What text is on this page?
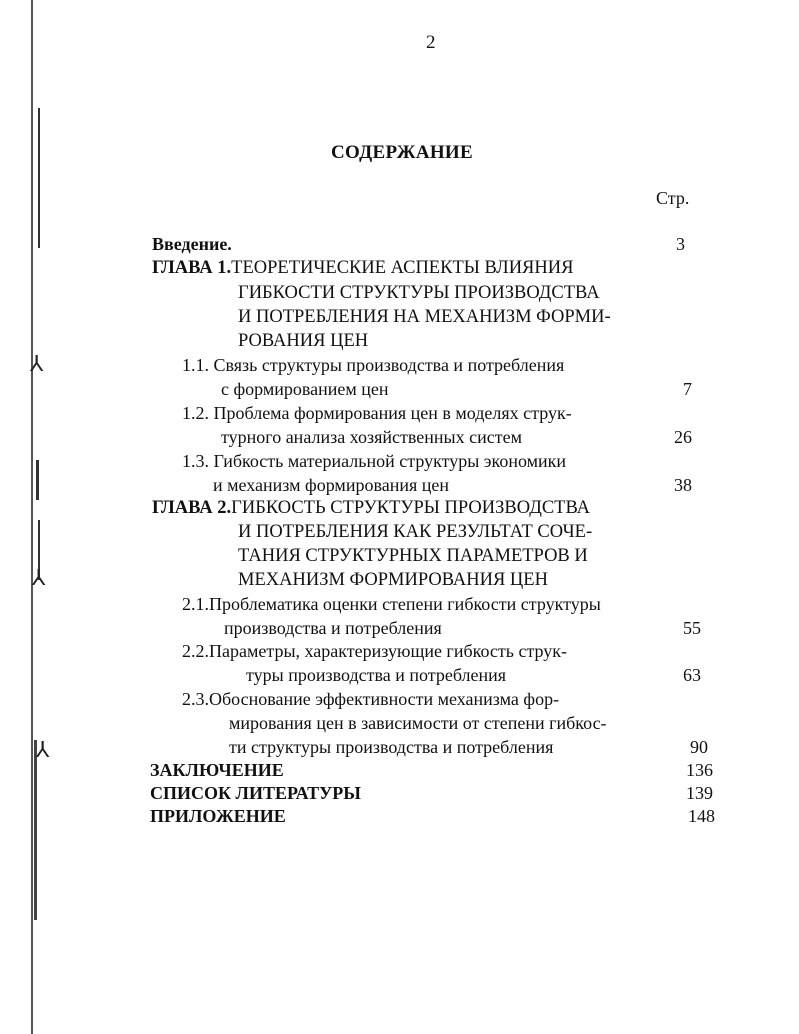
⅄
⅄
⅄
2
СОДЕРЖАНИЕ
Стр.
Введение.	3
ГЛАВА 1.ТЕОРЕТИЧЕСКИЕ АСПЕКТЫ ВЛИЯНИЯ
ГИБКОСТИ СТРУКТУРЫ ПРОИЗВОДСТВА
И ПОТРЕБЛЕНИЯ НА МЕХАНИЗМ ФОРМИ-
РОВАНИЯ ЦЕН
1.1. Связь структуры производства и потребления
с формированием цен	7
1.2. Проблема формирования цен в моделях струк-
турного анализа хозяйственных систем	26
1.3. Гибкость материальной структуры экономики
и механизм формирования цен	38
ГЛАВА 2.ГИБКОСТЬ СТРУКТУРЫ ПРОИЗВОДСТВА
И ПОТРЕБЛЕНИЯ КАК РЕЗУЛЬТАТ СОЧЕ-
ТАНИЯ СТРУКТУРНЫХ ПАРАМЕТРОВ И
МЕХАНИЗМ ФОРМИРОВАНИЯ ЦЕН
2.1.Проблематика оценки степени гибкости структуры
производства и потребления	55
2.2.Параметры, характеризующие гибкость струк-
туры производства и потребления	63
2.3.Обоснование эффективности механизма фор-
мирования цен в зависимости от степени гибкос-
ти структуры производства и потребления	90
ЗАКЛЮЧЕНИЕ	136
СПИСОК ЛИТЕРАТУРЫ	139
ПРИЛОЖЕНИЕ	148
